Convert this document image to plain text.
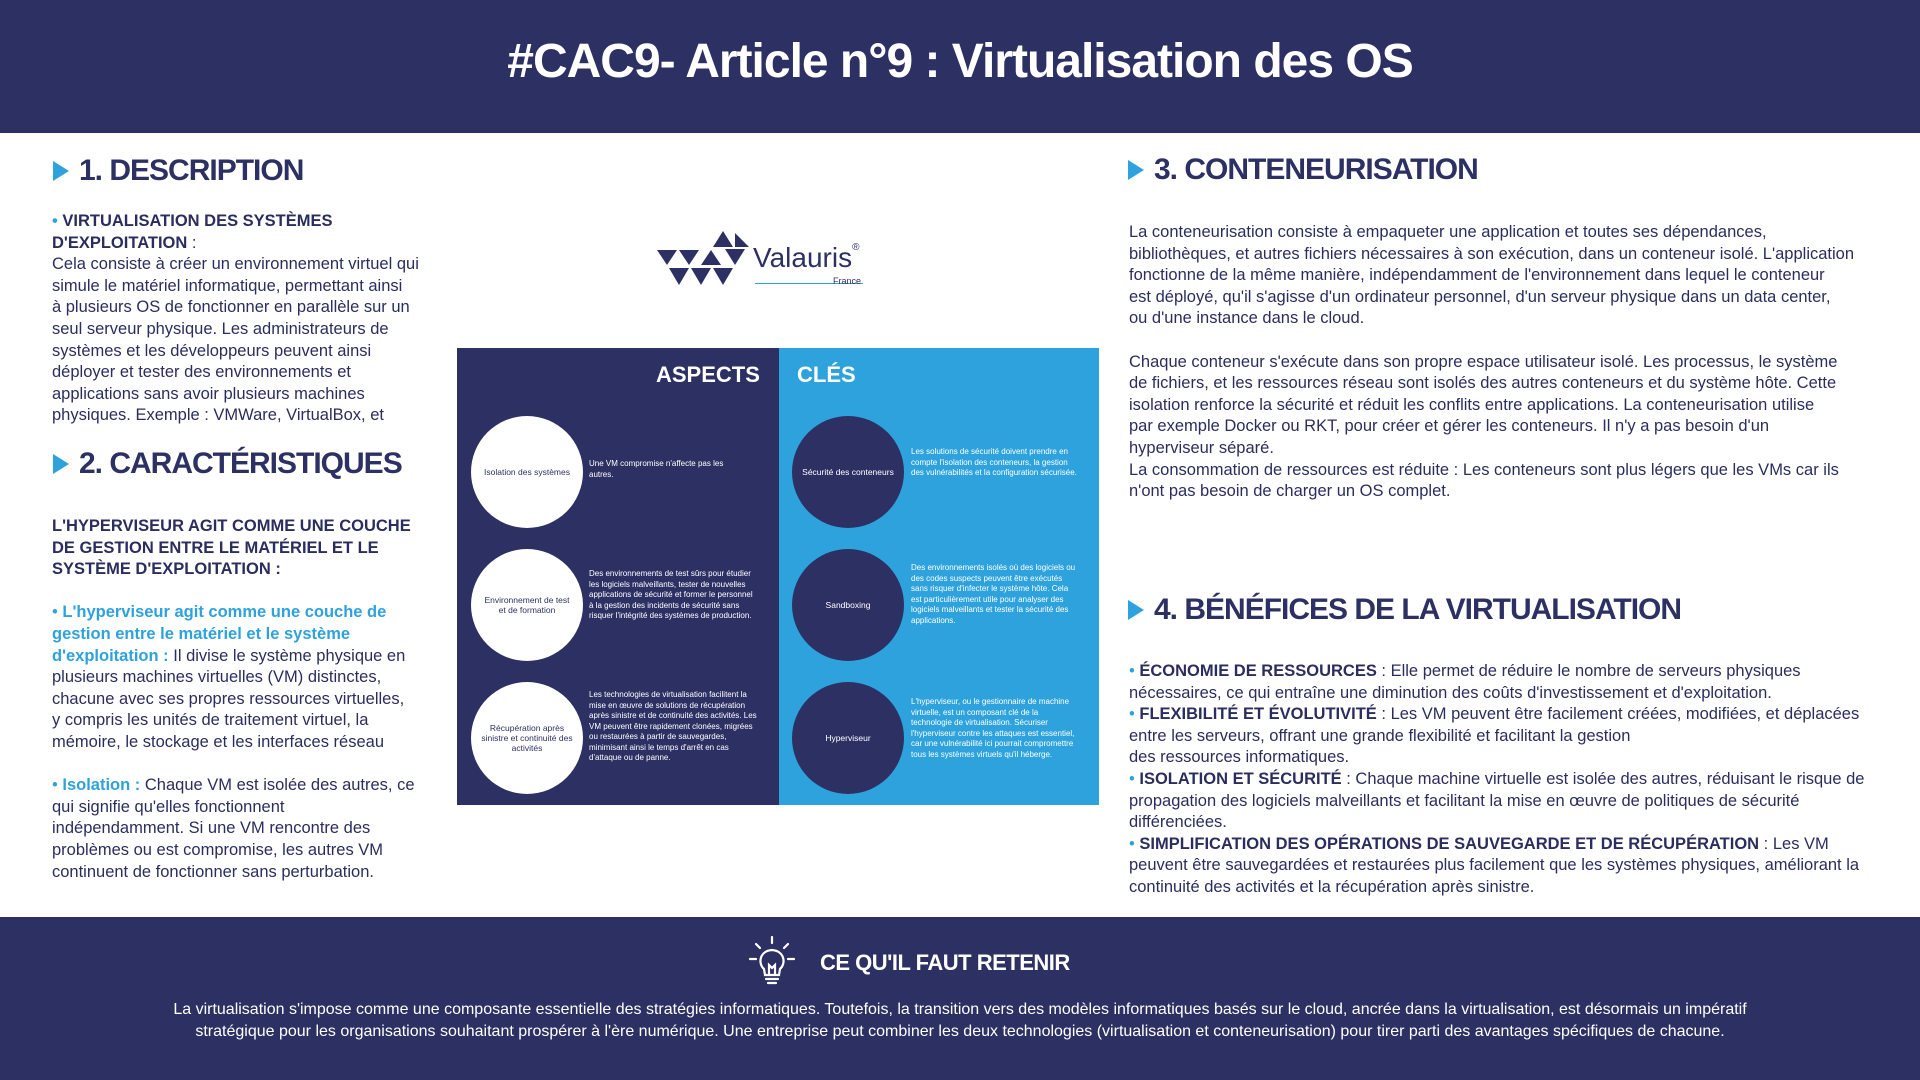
#CAC9- Article n°9 : Virtualisation des OS
1. DESCRIPTION
• VIRTUALISATION DES SYSTÈMES
D'EXPLOITATION :
Cela consiste à créer un environnement virtuel qui
simule le matériel informatique, permettant ainsi
à plusieurs OS de fonctionner en parallèle sur un
seul serveur physique. Les administrateurs de
systèmes et les développeurs peuvent ainsi
déployer et tester des environnements et
applications sans avoir plusieurs machines
physiques. Exemple : VMWare, VirtualBox, et
2. CARACTÉRISTIQUES
L'HYPERVISEUR AGIT COMME UNE COUCHE
DE GESTION ENTRE LE MATÉRIEL ET LE
SYSTÈME D'EXPLOITATION :
• L'hyperviseur agit comme une couche de
gestion entre le matériel et le système
d'exploitation : Il divise le système physique en
plusieurs machines virtuelles (VM) distinctes,
chacune avec ses propres ressources virtuelles,
y compris les unités de traitement virtuel, la
mémoire, le stockage et les interfaces réseau
• Isolation : Chaque VM est isolée des autres, ce
qui signifie qu'elles fonctionnent
indépendamment. Si une VM rencontre des
problèmes ou est compromise, les autres VM
continuent de fonctionner sans perturbation.
Valauris®
France
ASPECTS CLÉS
Isolation des systèmes
Une VM compromise n'affecte pas les autres.	Sécurité des conteneurs
Les solutions de sécurité doivent prendre en compte l'isolation des conteneurs, la gestion des vulnérabilités et la configuration sécurisée.
Environnement de test et de formation
Des environnements de test sûrs pour étudier les logiciels malveillants, tester de nouvelles applications de sécurité et former le personnel à la gestion des incidents de sécurité sans risquer l'intégrité des systèmes de production.
Sandboxing
Des environnements isolés où des logiciels ou des codes suspects peuvent être exécutés sans risquer d'infecter le système hôte. Cela est particulièrement utile pour analyser des logiciels malveillants et tester la sécurité des applications.
Récupération après sinistre et continuité des activités
Les technologies de virtualisation facilitent la mise en œuvre de solutions de récupération après sinistre et de continuité des activités. Les VM peuvent être rapidement clonées, migrées ou restaurées à partir de sauvegardes, minimisant ainsi le temps d'arrêt en cas d'attaque ou de panne.
Hyperviseur
L'hyperviseur, ou le gestionnaire de machine virtuelle, est un composant clé de la technologie de virtualisation. Sécuriser l'hyperviseur contre les attaques est essentiel, car une vulnérabilité ici pourrait compromettre tous les systèmes virtuels qu'il héberge.
3. CONTENEURISATION
La conteneurisation consiste à empaqueter une application et toutes ses dépendances,
bibliothèques, et autres fichiers nécessaires à son exécution, dans un conteneur isolé. L'application
fonctionne de la même manière, indépendamment de l'environnement dans lequel le conteneur
est déployé, qu'il s'agisse d'un ordinateur personnel, d'un serveur physique dans un data center,
ou d'une instance dans le cloud.
Chaque conteneur s'exécute dans son propre espace utilisateur isolé. Les processus, le système
de fichiers, et les ressources réseau sont isolés des autres conteneurs et du système hôte. Cette
isolation renforce la sécurité et réduit les conflits entre applications. La conteneurisation utilise
par exemple Docker ou RKT, pour créer et gérer les conteneurs. Il n'y a pas besoin d'un
hyperviseur séparé.
La consommation de ressources est réduite : Les conteneurs sont plus légers que les VMs car ils
n'ont pas besoin de charger un OS complet.
4. BÉNÉFICES DE LA VIRTUALISATION
• ÉCONOMIE DE RESSOURCES : Elle permet de réduire le nombre de serveurs physiques
nécessaires, ce qui entraîne une diminution des coûts d'investissement et d'exploitation.
• FLEXIBILITÉ ET ÉVOLUTIVITÉ : Les VM peuvent être facilement créées, modifiées, et déplacées
entre les serveurs, offrant une grande flexibilité et facilitant la gestion
des ressources informatiques.
• ISOLATION ET SÉCURITÉ : Chaque machine virtuelle est isolée des autres, réduisant le risque de
propagation des logiciels malveillants et facilitant la mise en œuvre de politiques de sécurité
différenciées.
• SIMPLIFICATION DES OPÉRATIONS DE SAUVEGARDE ET DE RÉCUPÉRATION : Les VM
peuvent être sauvegardées et restaurées plus facilement que les systèmes physiques, améliorant la
continuité des activités et la récupération après sinistre.
CE QU'IL FAUT RETENIR
La virtualisation s'impose comme une composante essentielle des stratégies informatiques. Toutefois, la transition vers des modèles informatiques basés sur le cloud, ancrée dans la virtualisation, est désormais un impératif
stratégique pour les organisations souhaitant prospérer à l'ère numérique. Une entreprise peut combiner les deux technologies (virtualisation et conteneurisation) pour tirer parti des avantages spécifiques de chacune.
